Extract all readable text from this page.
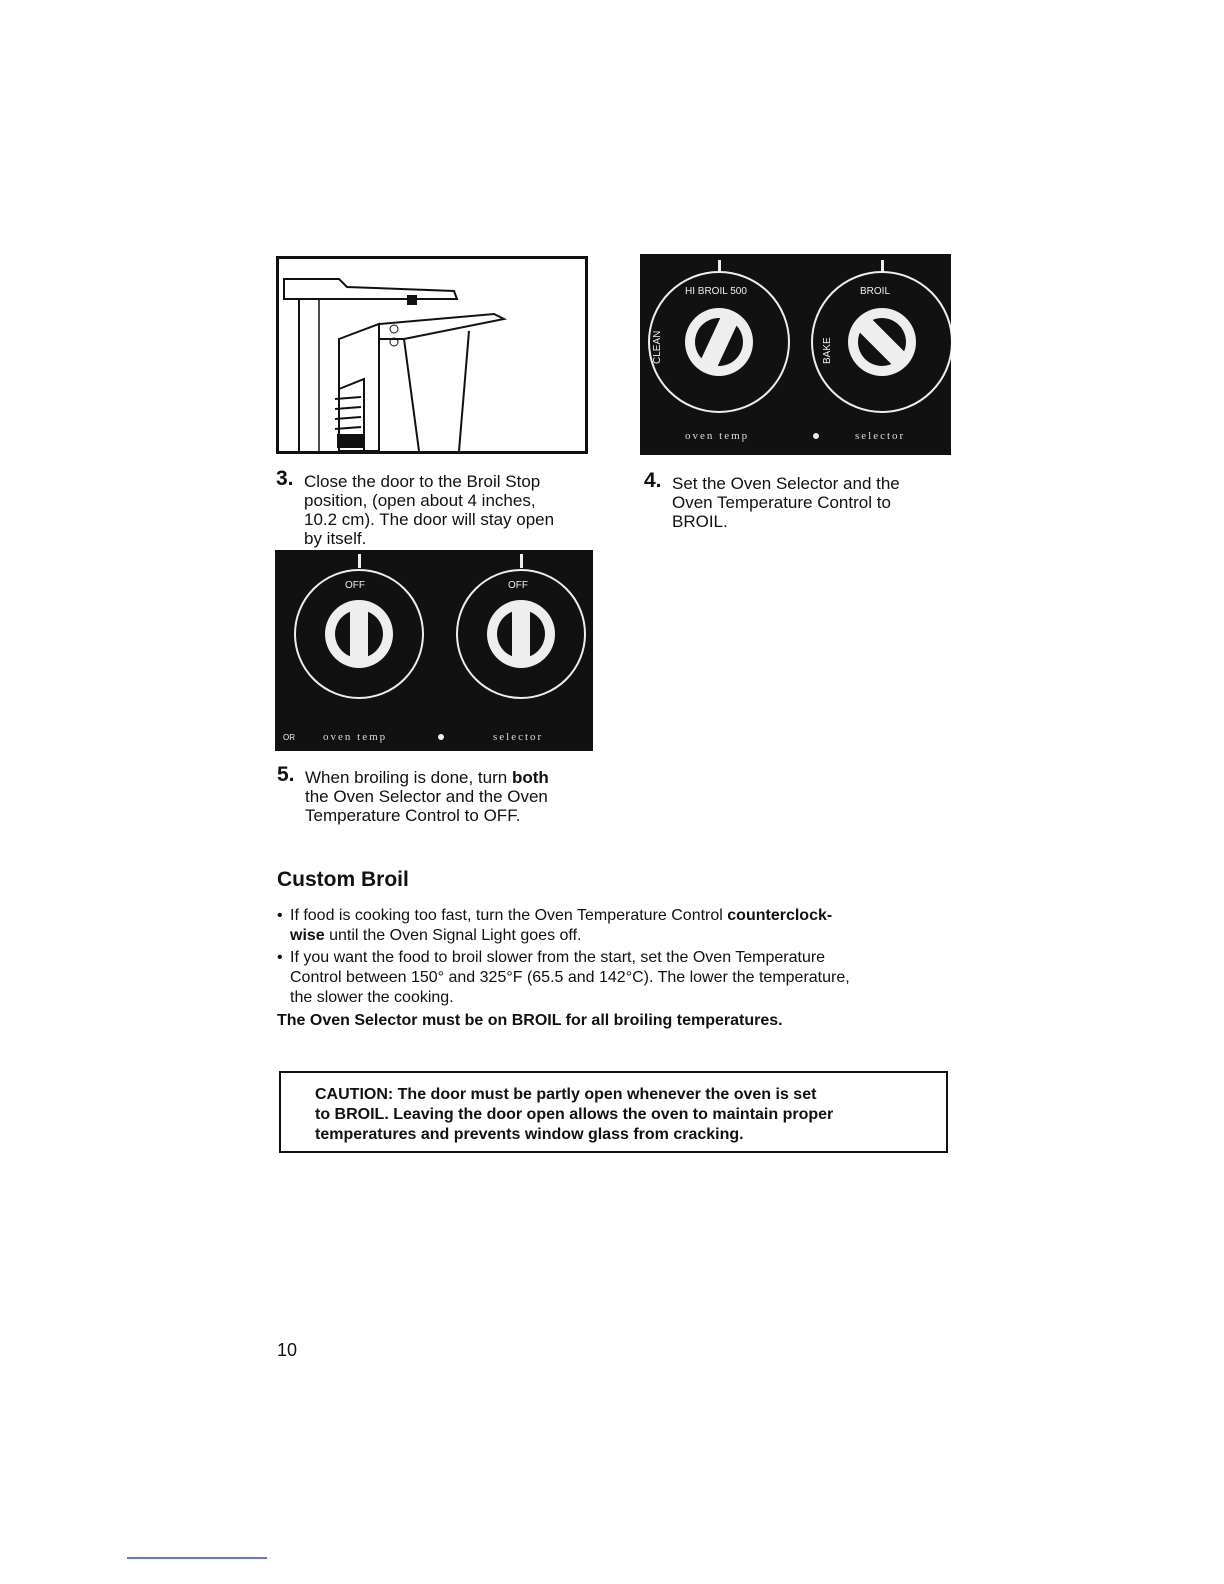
HI BROIL 500
CLEAN
BROIL
BAKE
oven temp	selector
OFF	OFF
OR	oven temp	selector
3. Close the door to the Broil Stop
position, (open about 4 inches,
10.2 cm). The door will stay open
by itself.
4. Set the Oven Selector and the
Oven Temperature Control to
BROIL.
5. When broiling is done, turn both
the Oven Selector and the Oven
Temperature Control to OFF.
Custom Broil
• If food is cooking too fast, turn the Oven Temperature Control counterclock-
wise until the Oven Signal Light goes off.
• If you want the food to broil slower from the start, set the Oven Temperature
Control between 150° and 325°F (65.5 and 142°C). The lower the temperature,
the slower the cooking.
The Oven Selector must be on BROIL for all broiling temperatures.
CAUTION: The door must be partly open whenever the oven is set
to BROIL. Leaving the door open allows the oven to maintain proper
temperatures and prevents window glass from cracking.
10
